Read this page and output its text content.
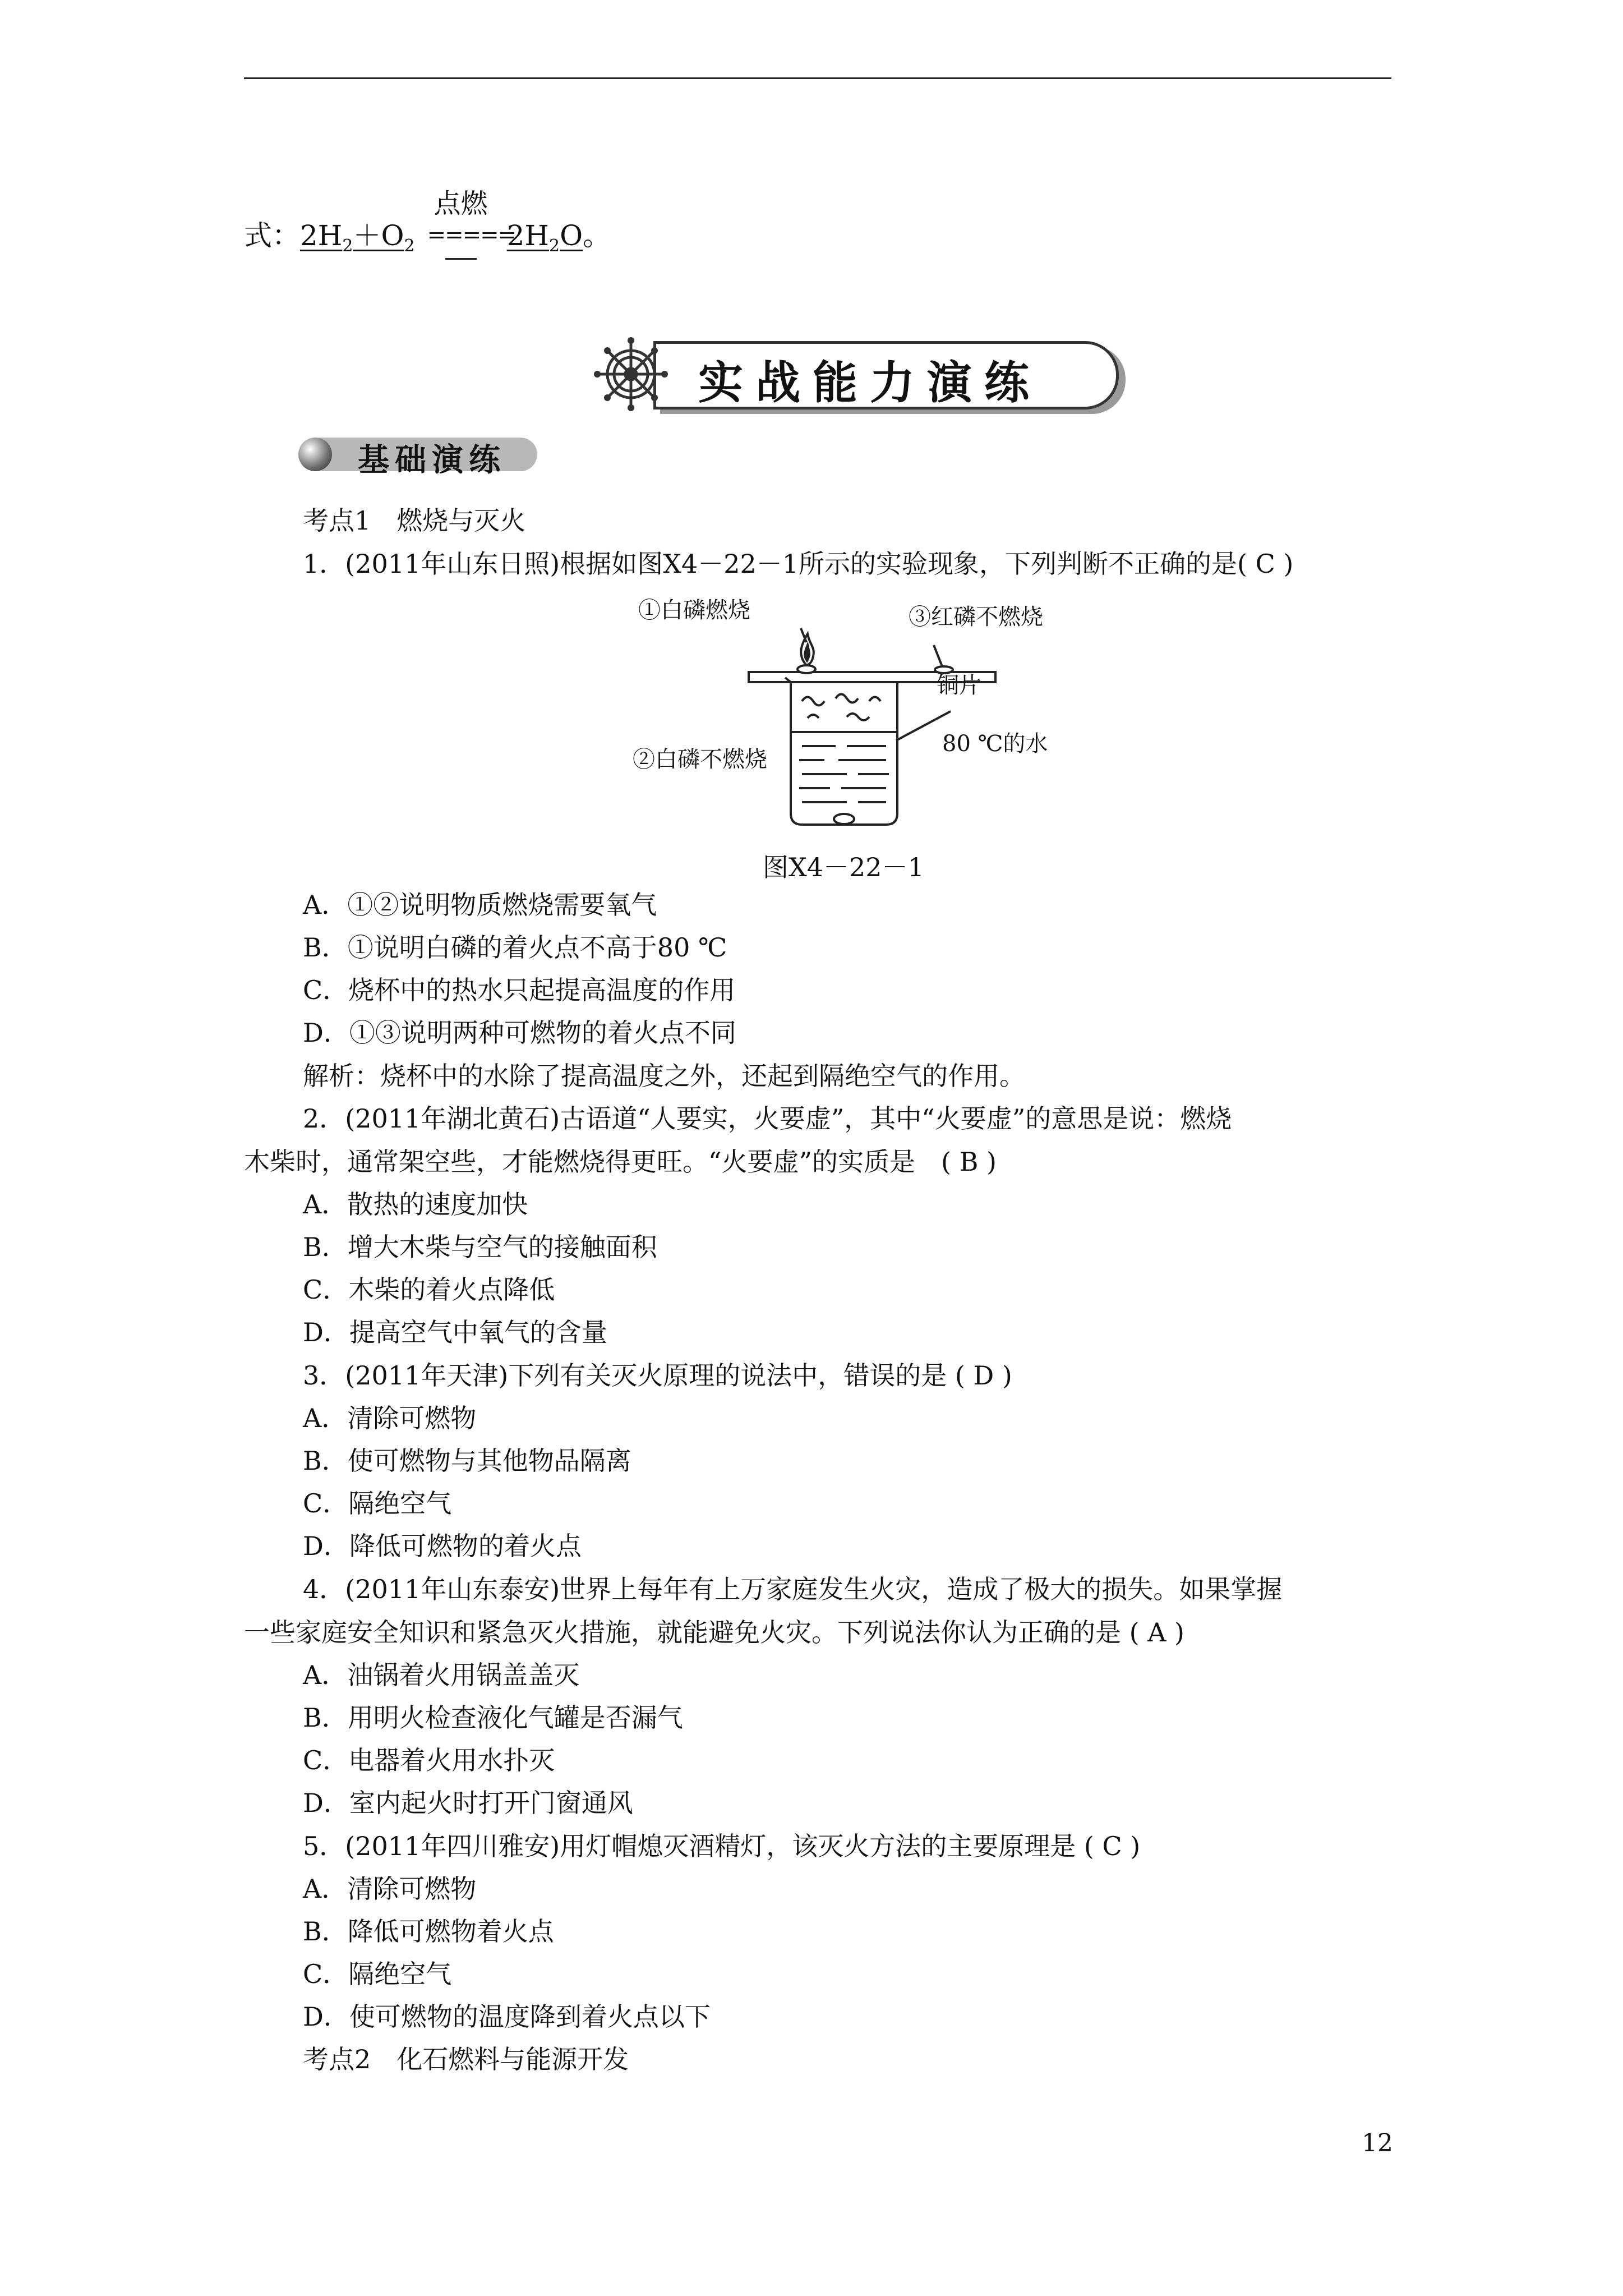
式：$2H_2+O_2$
点燃
=====
$2H_2O$。
实战能力演练
基础演练
考点1　燃烧与灭火
1．(2011年山东日照)根据如图X4－22－1所示的实验现象，下列判断不正确的是( C )
①白磷燃烧	③红磷不燃烧
铜片
②白磷不燃烧
80 ℃的水
图X4－22－1
A．①②说明物质燃烧需要氧气
B．①说明白磷的着火点不高于80 ℃
C．烧杯中的热水只起提高温度的作用
D．①③说明两种可燃物的着火点不同
解析：烧杯中的水除了提高温度之外，还起到隔绝空气的作用。
2．(2011年湖北黄石)古语道“人要实，火要虚”，其中“火要虚”的意思是说：燃烧
木柴时，通常架空些，才能燃烧得更旺。“火要虚”的实质是　( B )
A．散热的速度加快
B．增大木柴与空气的接触面积
C．木柴的着火点降低
D．提高空气中氧气的含量
3．(2011年天津)下列有关灭火原理的说法中，错误的是 ( D )
A．清除可燃物
B．使可燃物与其他物品隔离
C．隔绝空气
D．降低可燃物的着火点
4．(2011年山东泰安)世界上每年有上万家庭发生火灾，造成了极大的损失。如果掌握
一些家庭安全知识和紧急灭火措施，就能避免火灾。下列说法你认为正确的是 ( A )
A．油锅着火用锅盖盖灭
B．用明火检查液化气罐是否漏气
C．电器着火用水扑灭
D．室内起火时打开门窗通风
5．(2011年四川雅安)用灯帽熄灭酒精灯，该灭火方法的主要原理是 ( C )
A．清除可燃物
B．降低可燃物着火点
C．隔绝空气
D．使可燃物的温度降到着火点以下
考点2　化石燃料与能源开发
12
